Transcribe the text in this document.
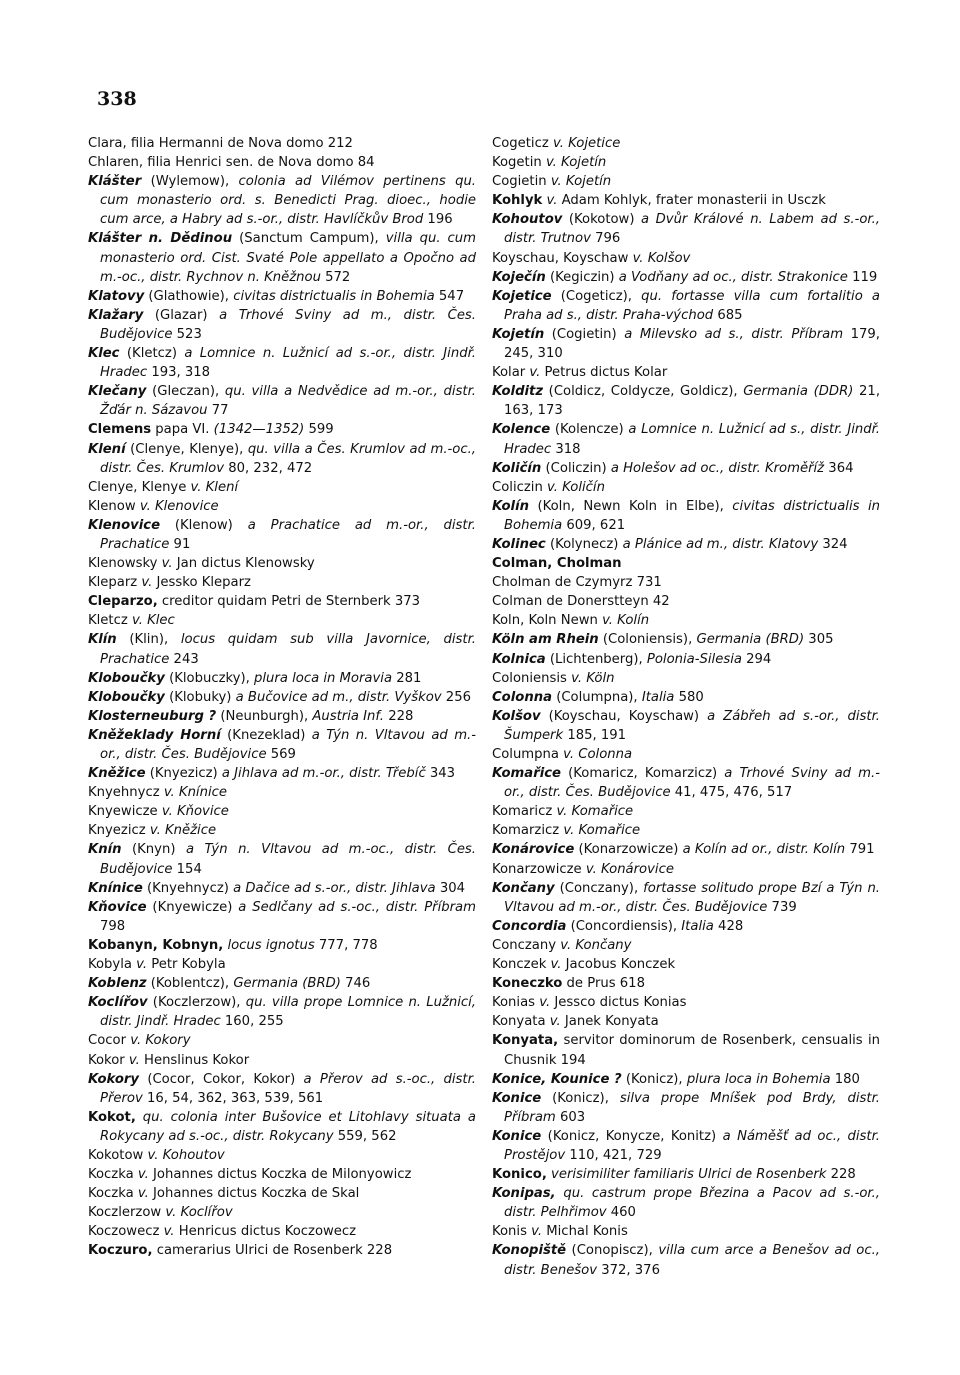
338
Clara, filia Hermanni de Nova domo 212
Chlaren, filia Henrici sen. de Nova domo 84
Klášter (Wylemow), colonia ad Vilémov pertinens qu. cum monasterio ord. s. Benedicti Prag. dioec., hodie cum arce, a Habry ad s.-or., distr. Havlíčkův Brod 196
Klášter n. Dědinou (Sanctum Campum), villa qu. cum monasterio ord. Cist. Svaté Pole appellato a Opočno ad m.-oc., distr. Rychnov n. Kněžnou 572
Klatovy (Glathowie), civitas districtualis in Bohemia 547
Klažary (Glazar) a Trhové Sviny ad m., distr. Čes. Budějovice 523
Klec (Kletcz) a Lomnice n. Lužnicí ad s.-or., distr. Jindř. Hradec 193, 318
Klečany (Gleczan), qu. villa a Nedvědice ad m.-or., distr. Žďár n. Sázavou 77
Clemens papa VI. (1342—1352) 599
Klení (Clenye, Klenye), qu. villa a Čes. Krumlov ad m.-oc., distr. Čes. Krumlov 80, 232, 472
Clenye, Klenye v. Klení
Klenow v. Klenovice
Klenovice (Klenow) a Prachatice ad m.-or., distr. Prachatice 91
Klenowsky v. Jan dictus Klenowsky
Kleparz v. Jessko Kleparz
Cleparzo, creditor quidam Petri de Sternberk 373
Kletcz v. Klec
Klín (Klin), locus quidam sub villa Javornice, distr. Prachatice 243
Kloboučky (Klobuczky), plura loca in Moravia 281
Kloboučky (Klobuky) a Bučovice ad m., distr. Vyškov 256
Klosterneuburg ? (Neunburgh), Austria Inf. 228
Kněžeklady Horní (Knezeklad) a Týn n. Vltavou ad m.-or., distr. Čes. Budějovice 569
Kněžice (Knyezicz) a Jihlava ad m.-or., distr. Třebíč 343
Knyehnycz v. Knínice
Knyewicze v. Kňovice
Knyezicz v. Kněžice
Knín (Knyn) a Týn n. Vltavou ad m.-oc., distr. Čes. Budějovice 154
Knínice (Knyehnycz) a Dačice ad s.-or., distr. Jihlava 304
Kňovice (Knyewicze) a Sedlčany ad s.-oc., distr. Příbram 798
Kobanyn, Kobnyn, locus ignotus 777, 778
Kobyla v. Petr Kobyla
Koblenz (Koblentcz), Germania (BRD) 746
Koclířov (Koczlerzow), qu. villa prope Lomnice n. Lužnicí, distr. Jindř. Hradec 160, 255
Cocor v. Kokory
Kokor v. Henslinus Kokor
Kokory (Cocor, Cokor, Kokor) a Přerov ad s.-oc., distr. Přerov 16, 54, 362, 363, 539, 561
Kokot, qu. colonia inter Bušovice et Litohlavy situata a Rokycany ad s.-oc., distr. Rokycany 559, 562
Kokotow v. Kohoutov
Koczka v. Johannes dictus Koczka de Milonyowicz
Koczka v. Johannes dictus Koczka de Skal
Koczlerzow v. Koclířov
Koczowecz v. Henricus dictus Koczowecz
Koczuro, camerarius Ulrici de Rosenberk 228
Cogeticz v. Kojetice
Kogetin v. Kojetín
Cogietin v. Kojetín
Kohlyk v. Adam Kohlyk, frater monasterii in Usczk
Kohoutov (Kokotow) a Dvůr Králové n. Labem ad s.-or., distr. Trutnov 796
Koyschau, Koyschaw v. Kolšov
Koječín (Kegiczin) a Vodňany ad oc., distr. Strakonice 119
Kojetice (Cogeticz), qu. fortasse villa cum fortalitio a Praha ad s., distr. Praha-východ 685
Kojetín (Cogietin) a Milevsko ad s., distr. Příbram 179, 245, 310
Kolar v. Petrus dictus Kolar
Kolditz (Coldicz, Coldycze, Goldicz), Germania (DDR) 21, 163, 173
Kolence (Kolencze) a Lomnice n. Lužnicí ad s., distr. Jindř. Hradec 318
Količín (Coliczin) a Holešov ad oc., distr. Kroměříž 364
Coliczin v. Količín
Kolín (Koln, Newn Koln in Elbe), civitas districtualis in Bohemia 609, 621
Kolinec (Kolynecz) a Plánice ad m., distr. Klatovy 324
Colman, Cholman
Cholman de Czymyrz 731
Colman de Donerstteyn 42
Koln, Koln Newn v. Kolín
Köln am Rhein (Coloniensis), Germania (BRD) 305
Kolnica (Lichtenberg), Polonia-Silesia 294
Coloniensis v. Köln
Colonna (Columpna), Italia 580
Kolšov (Koyschau, Koyschaw) a Zábřeh ad s.-or., distr. Šumperk 185, 191
Columpna v. Colonna
Komařice (Komaricz, Komarzicz) a Trhové Sviny ad m.-or., distr. Čes. Budějovice 41, 475, 476, 517
Komaricz v. Komařice
Komarzicz v. Komařice
Konárovice (Konarzowicze) a Kolín ad or., distr. Kolín 791
Konarzowicze v. Konárovice
Končany (Conczany), fortasse solitudo prope Bzí a Týn n. Vltavou ad m.-or., distr. Čes. Budějovice 739
Concordia (Concordiensis), Italia 428
Conczany v. Končany
Konczek v. Jacobus Konczek
Koneczko de Prus 618
Konias v. Jessco dictus Konias
Konyata v. Janek Konyata
Konyata, servitor dominorum de Rosenberk, censualis in Chusnik 194
Konice, Kounice ? (Konicz), plura loca in Bohemia 180
Konice (Konicz), silva prope Mníšek pod Brdy, distr. Příbram 603
Konice (Konicz, Konycze, Konitz) a Náměšť ad oc., distr. Prostějov 110, 421, 729
Konico, verisimiliter familiaris Ulrici de Rosenberk 228
Konipas, qu. castrum prope Březina a Pacov ad s.-or., distr. Pelhřimov 460
Konis v. Michal Konis
Konopiště (Conopiscz), villa cum arce a Benešov ad oc., distr. Benešov 372, 376
